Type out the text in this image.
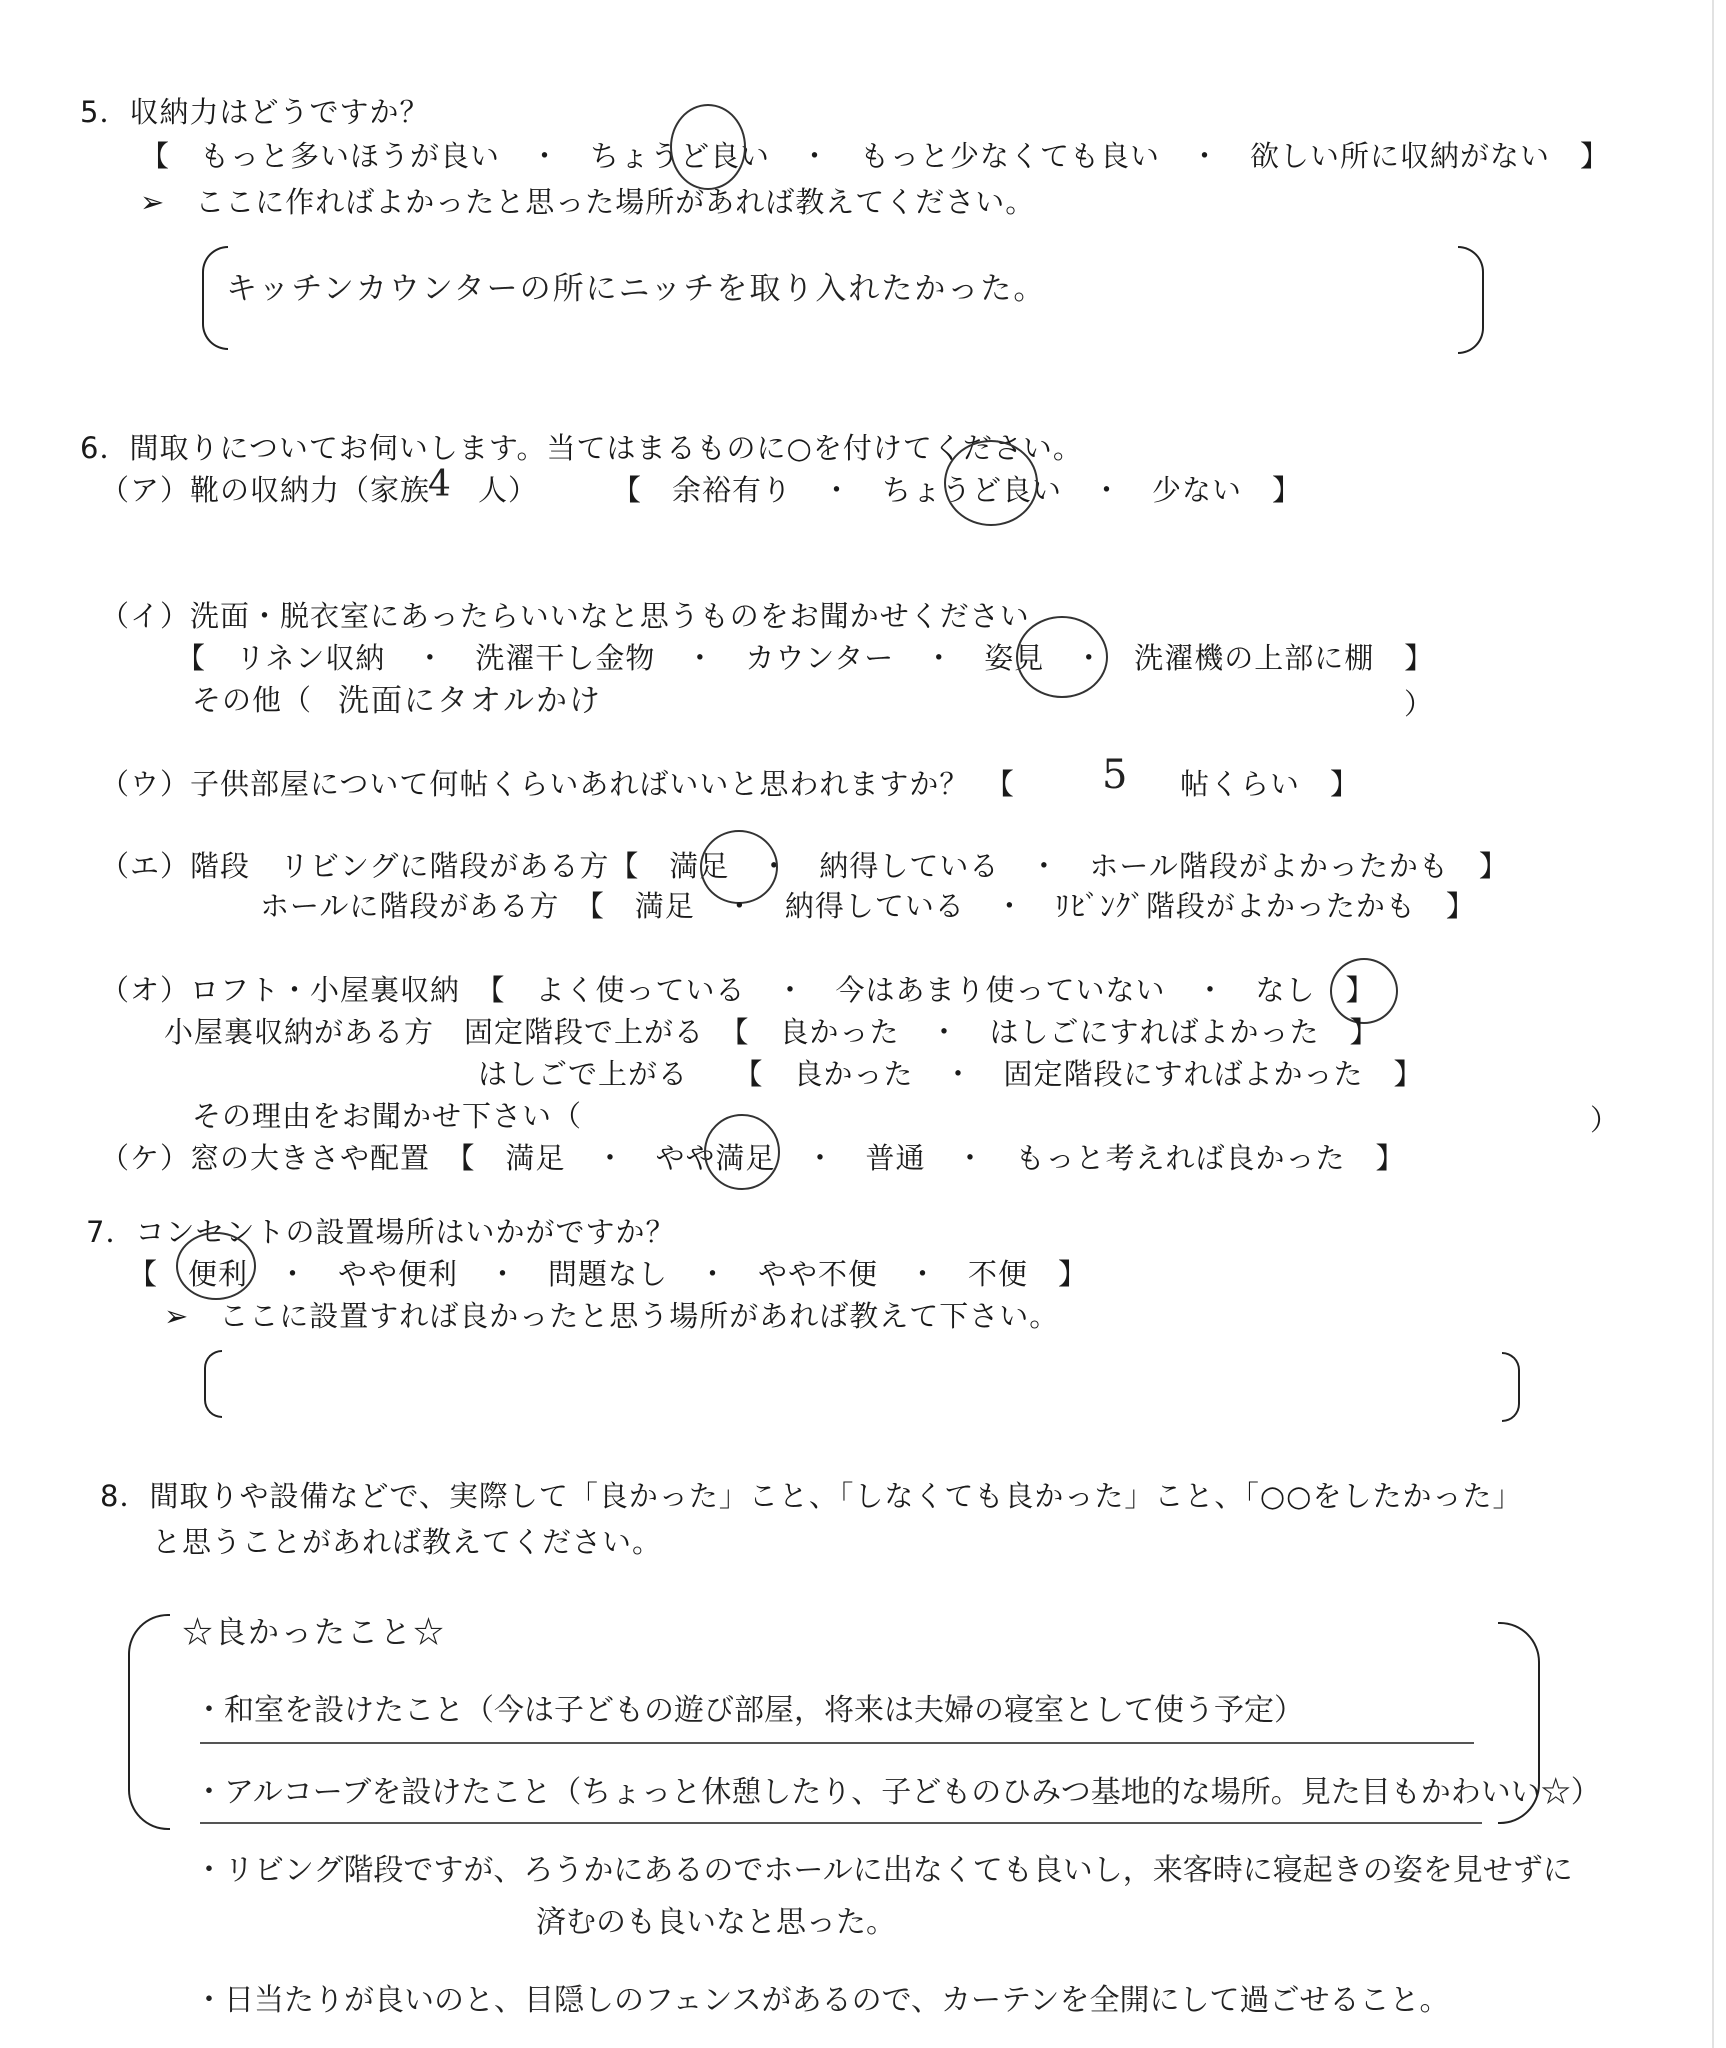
5．収納力はどうですか？
【　もっと多いほうが良い　・　ちょうど良い　・　もっと少なくても良い　・　欲しい所に収納がない　】
➢　ここに作ればよかったと思った場所があれば教えてください。
キッチンカウンターの所にニッチを取り入れたかった。
6．間取りについてお伺いします。当てはまるものに○を付けてください。
（ア）靴の収納力（家族
4 人）	【　余裕有り　・　ちょうど良い　・　少ない　】
（イ）洗面・脱衣室にあったらいいなと思うものをお聞かせください
【　リネン収納　・　洗濯干し金物　・　カウンター　・　姿見　・　洗濯機の上部に棚　】
その他（ 洗面にタオルかけ	）
（ウ）子供部屋について何帖くらいあればいいと思われますか？　【 5 帖くらい　】
（エ）階段　リビングに階段がある方【　満足　・　納得している　・　ホール階段がよかったかも　】
ホールに階段がある方　【　満足　・　納得している　・　ﾘﾋﾞﾝｸﾞ階段がよかったかも　】
（オ）ロフト・小屋裏収納　【　よく使っている　・　今はあまり使っていない　・　なし　】
小屋裏収納がある方　固定階段で上がる　【　良かった　・　はしごにすればよかった　】
はしごで上がる　　【　良かった　・　固定階段にすればよかった　】
その理由をお聞かせ下さい（	）
（ケ）窓の大きさや配置　【　満足　・　やや満足　・　普通　・　もっと考えれば良かった　】
7．コンセントの設置場所はいかがですか？
【　便利　・　やや便利　・　問題なし　・　やや不便　・　不便　】
➢　ここに設置すれば良かったと思う場所があれば教えて下さい。
8．間取りや設備などで、実際して「良かった」こと、「しなくても良かった」こと、「○○をしたかった」
と思うことがあれば教えてください。
☆良かったこと☆
・和室を設けたこと（今は子どもの遊び部屋，将来は夫婦の寝室として使う予定）
・アルコーブを設けたこと（ちょっと休憩したり、子どものひみつ基地的な場所。見た目もかわいい☆）
・リビング階段ですが、ろうかにあるのでホールに出なくても良いし，来客時に寝起きの姿を見せずに
済むのも良いなと思った。
・日当たりが良いのと、目隠しのフェンスがあるので、カーテンを全開にして過ごせること。
